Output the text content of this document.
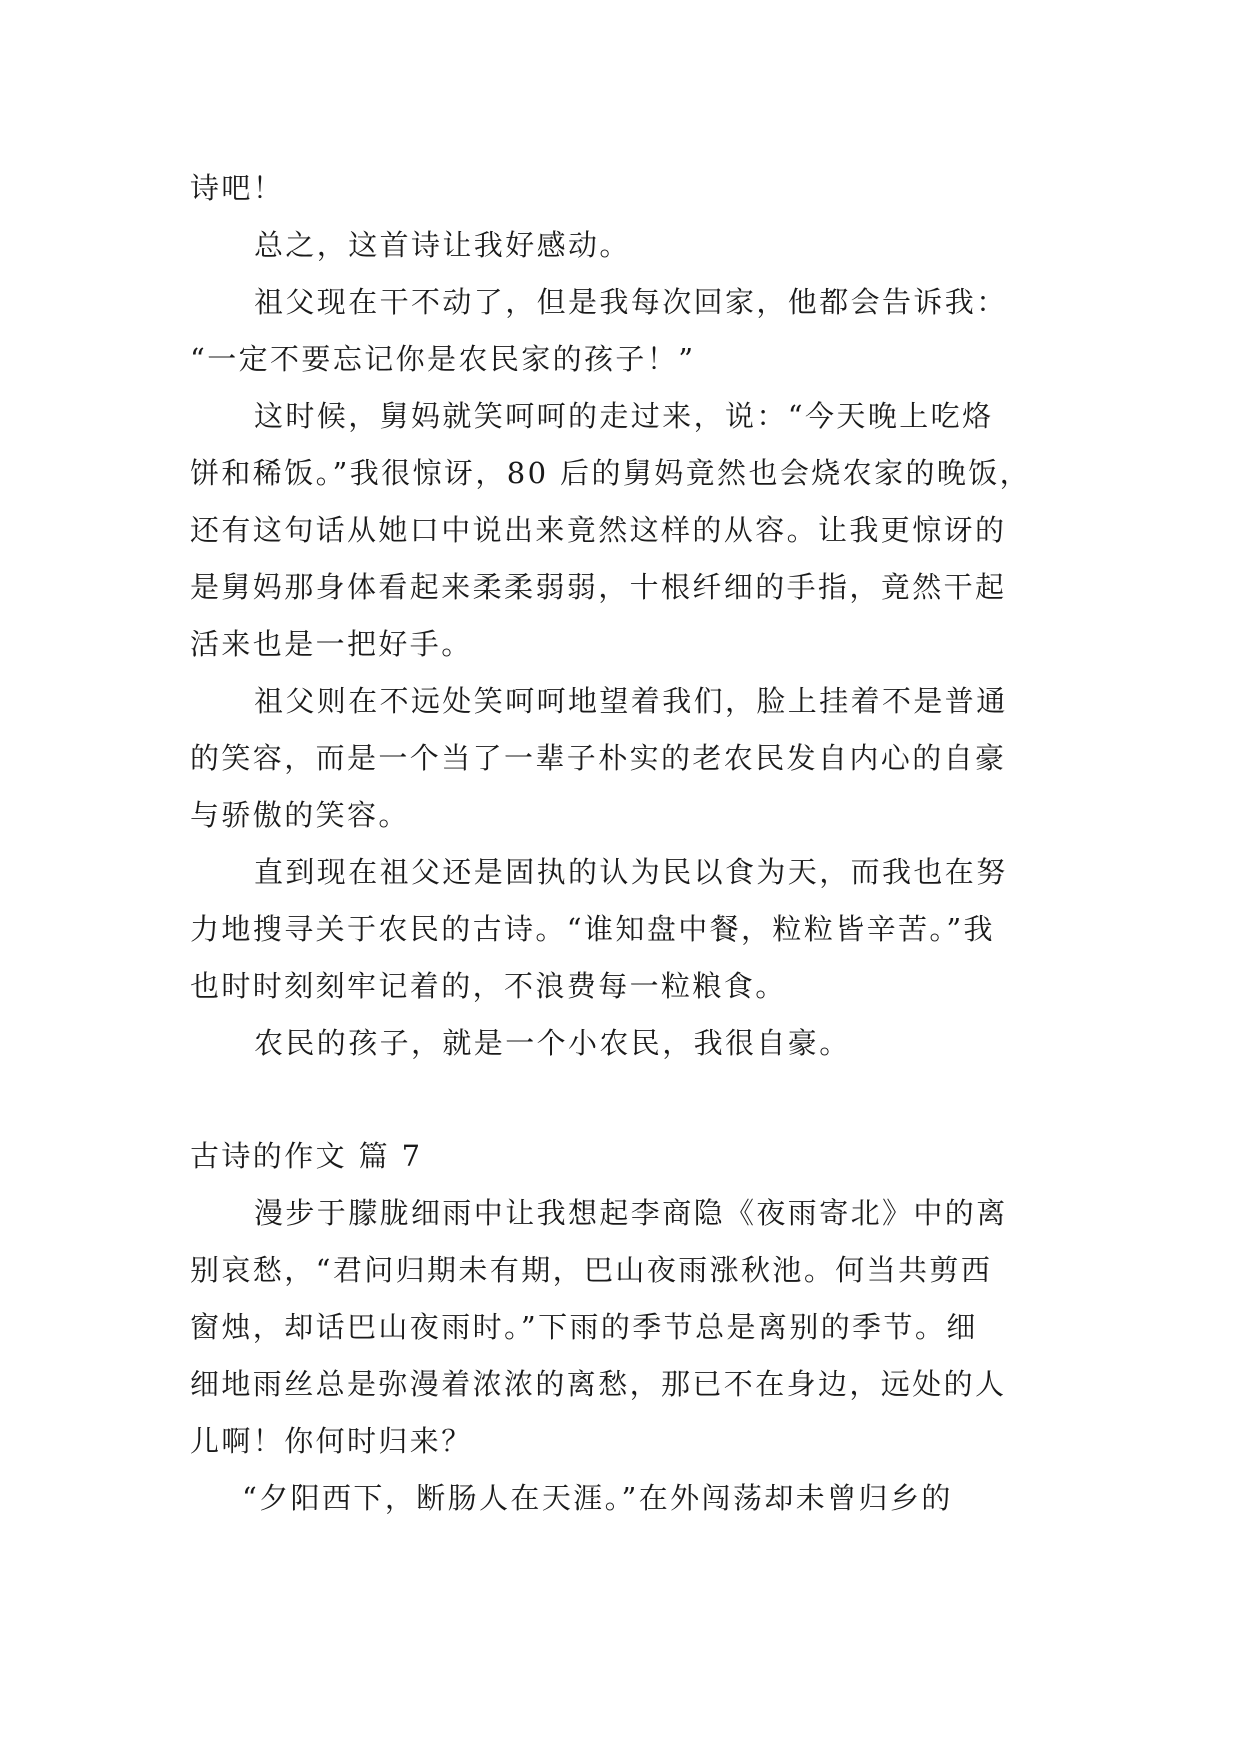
诗吧！

总之，这首诗让我好感动。

祖父现在干不动了，但是我每次回家，他都会告诉我：

“一定不要忘记你是农民家的孩子！”

这时候，舅妈就笑呵呵的走过来，说：“今天晚上吃烙

饼和稀饭。”我很惊讶，80 后的舅妈竟然也会烧农家的晚饭，

还有这句话从她口中说出来竟然这样的从容。让我更惊讶的

是舅妈那身体看起来柔柔弱弱，十根纤细的手指，竟然干起

活来也是一把好手。

祖父则在不远处笑呵呵地望着我们，脸上挂着不是普通

的笑容，而是一个当了一辈子朴实的老农民发自内心的自豪

与骄傲的笑容。

直到现在祖父还是固执的认为民以食为天，而我也在努

力地搜寻关于农民的古诗。“谁知盘中餐，粒粒皆辛苦。”我

也时时刻刻牢记着的，不浪费每一粒粮食。

农民的孩子，就是一个小农民，我很自豪。

古诗的作文 篇 7

漫步于朦胧细雨中让我想起李商隐《夜雨寄北》中的离

别哀愁，“君问归期未有期，巴山夜雨涨秋池。何当共剪西

窗烛，却话巴山夜雨时。”下雨的季节总是离别的季节。细

细地雨丝总是弥漫着浓浓的离愁，那已不在身边，远处的人

儿啊！你何时归来？

“夕阳西下，断肠人在天涯。”在外闯荡却未曾归乡的
